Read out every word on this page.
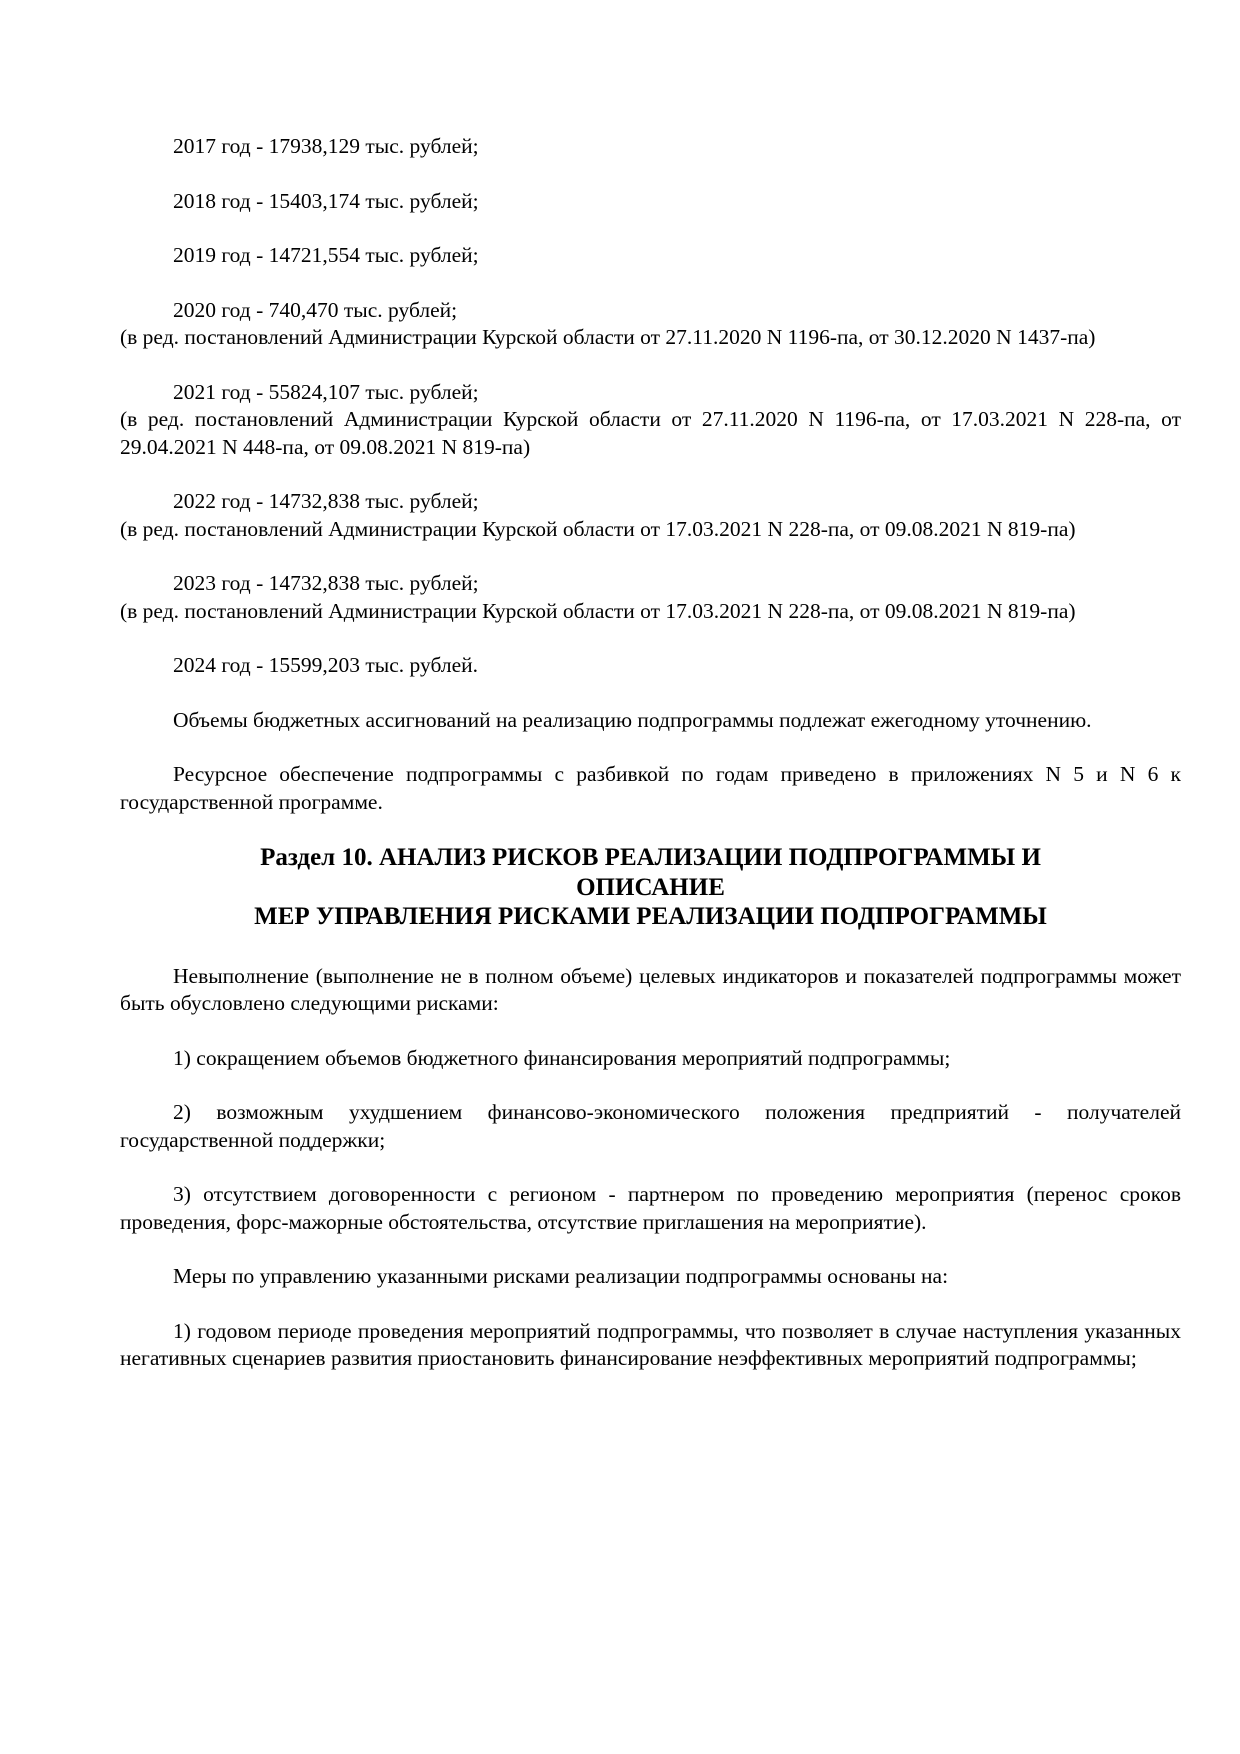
2017 год - 17938,129 тыс. рублей;

2018 год - 15403,174 тыс. рублей;

2019 год - 14721,554 тыс. рублей;

2020 год - 740,470 тыс. рублей;

(в ред. постановлений Администрации Курской области от 27.11.2020 N 1196-па, от 30.12.2020 N 1437-па)

2021 год - 55824,107 тыс. рублей;

(в ред. постановлений Администрации Курской области от 27.11.2020 N 1196-па, от 17.03.2021 N 228-па, от 29.04.2021 N 448-па, от 09.08.2021 N 819-па)

2022 год - 14732,838 тыс. рублей;

(в ред. постановлений Администрации Курской области от 17.03.2021 N 228-па, от 09.08.2021 N 819-па)

2023 год - 14732,838 тыс. рублей;

(в ред. постановлений Администрации Курской области от 17.03.2021 N 228-па, от 09.08.2021 N 819-па)

2024 год - 15599,203 тыс. рублей.

Объемы бюджетных ассигнований на реализацию подпрограммы подлежат ежегодному уточнению.

Ресурсное обеспечение подпрограммы с разбивкой по годам приведено в приложениях N 5 и N 6 к государственной программе.

Раздел 10. АНАЛИЗ РИСКОВ РЕАЛИЗАЦИИ ПОДПРОГРАММЫ И
ОПИСАНИЕ
МЕР УПРАВЛЕНИЯ РИСКАМИ РЕАЛИЗАЦИИ ПОДПРОГРАММЫ

Невыполнение (выполнение не в полном объеме) целевых индикаторов и показателей подпрограммы может быть обусловлено следующими рисками:

1) сокращением объемов бюджетного финансирования мероприятий подпрограммы;

2) возможным ухудшением финансово-экономического положения предприятий - получателей государственной поддержки;

3) отсутствием договоренности с регионом - партнером по проведению мероприятия (перенос сроков проведения, форс-мажорные обстоятельства, отсутствие приглашения на мероприятие).

Меры по управлению указанными рисками реализации подпрограммы основаны на:

1) годовом периоде проведения мероприятий подпрограммы, что позволяет в случае наступления указанных негативных сценариев развития приостановить финансирование неэффективных мероприятий подпрограммы;
